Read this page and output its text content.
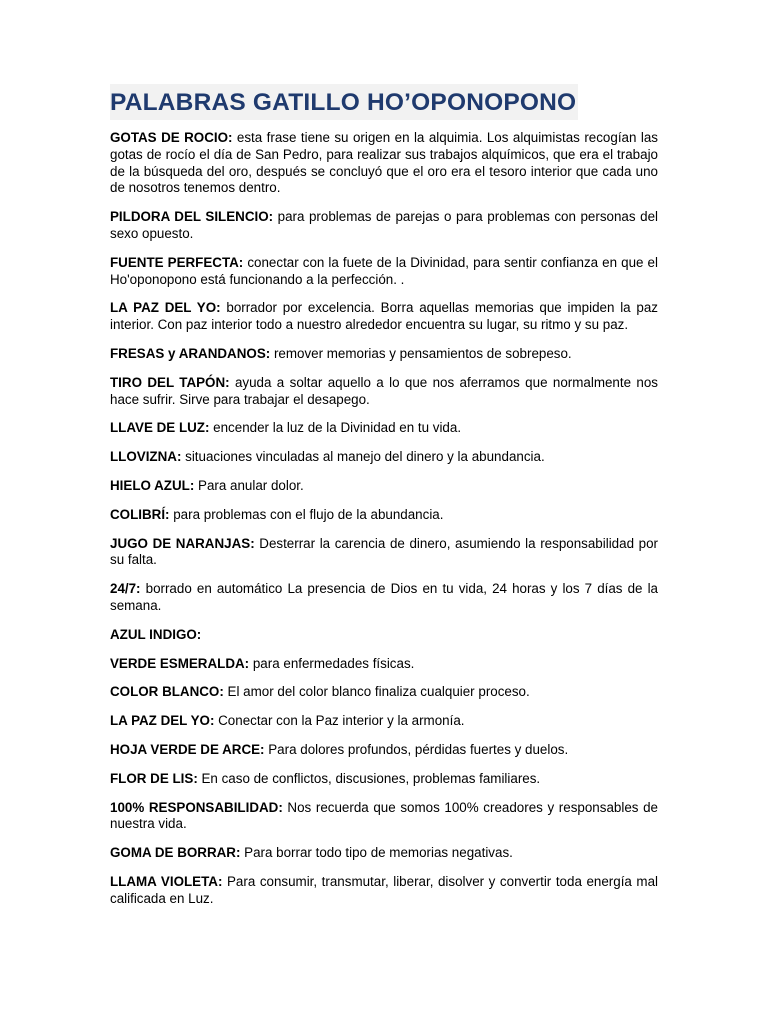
PALABRAS GATILLO HO’OPONOPONO

GOTAS DE ROCIO: esta frase tiene su origen en la alquimia. Los alquimistas recogían las gotas de rocío el día de San Pedro, para realizar sus trabajos alquímicos, que era el trabajo de la búsqueda del oro, después se concluyó que el oro era el tesoro interior que cada uno de nosotros tenemos dentro.

PILDORA DEL SILENCIO: para problemas de parejas o para problemas con personas del sexo opuesto.

FUENTE PERFECTA: conectar con la fuete de la Divinidad, para sentir confianza en que el Ho'oponopono está funcionando a la perfección. .

LA PAZ DEL YO: borrador por excelencia. Borra aquellas memorias que impiden la paz interior. Con paz interior todo a nuestro alrededor encuentra su lugar, su ritmo y su paz.

FRESAS y ARANDANOS: remover memorias y pensamientos de sobrepeso.

TIRO DEL TAPÓN: ayuda a soltar aquello a lo que nos aferramos que normalmente nos hace sufrir. Sirve para trabajar el desapego.

LLAVE DE LUZ: encender la luz de la Divinidad en tu vida.

LLOVIZNA: situaciones vinculadas al manejo del dinero y la abundancia.

HIELO AZUL: Para anular dolor.

COLIBRÍ: para problemas con el flujo de la abundancia.

JUGO DE NARANJAS: Desterrar la carencia de dinero, asumiendo la responsabilidad por su falta.

24/7: borrado en automático La presencia de Dios en tu vida, 24 horas y los 7 días de la semana.

AZUL INDIGO:

VERDE ESMERALDA: para enfermedades físicas.

COLOR BLANCO: El amor del color blanco finaliza cualquier proceso.

LA PAZ DEL YO: Conectar con la Paz interior y la armonía.

HOJA VERDE DE ARCE: Para dolores profundos, pérdidas fuertes y duelos.

FLOR DE LIS: En caso de conflictos, discusiones, problemas familiares.

100% RESPONSABILIDAD: Nos recuerda que somos 100% creadores y responsables de nuestra vida.

GOMA DE BORRAR: Para borrar todo tipo de memorias negativas.

LLAMA VIOLETA: Para consumir, transmutar, liberar, disolver y convertir toda energía mal calificada en Luz.
